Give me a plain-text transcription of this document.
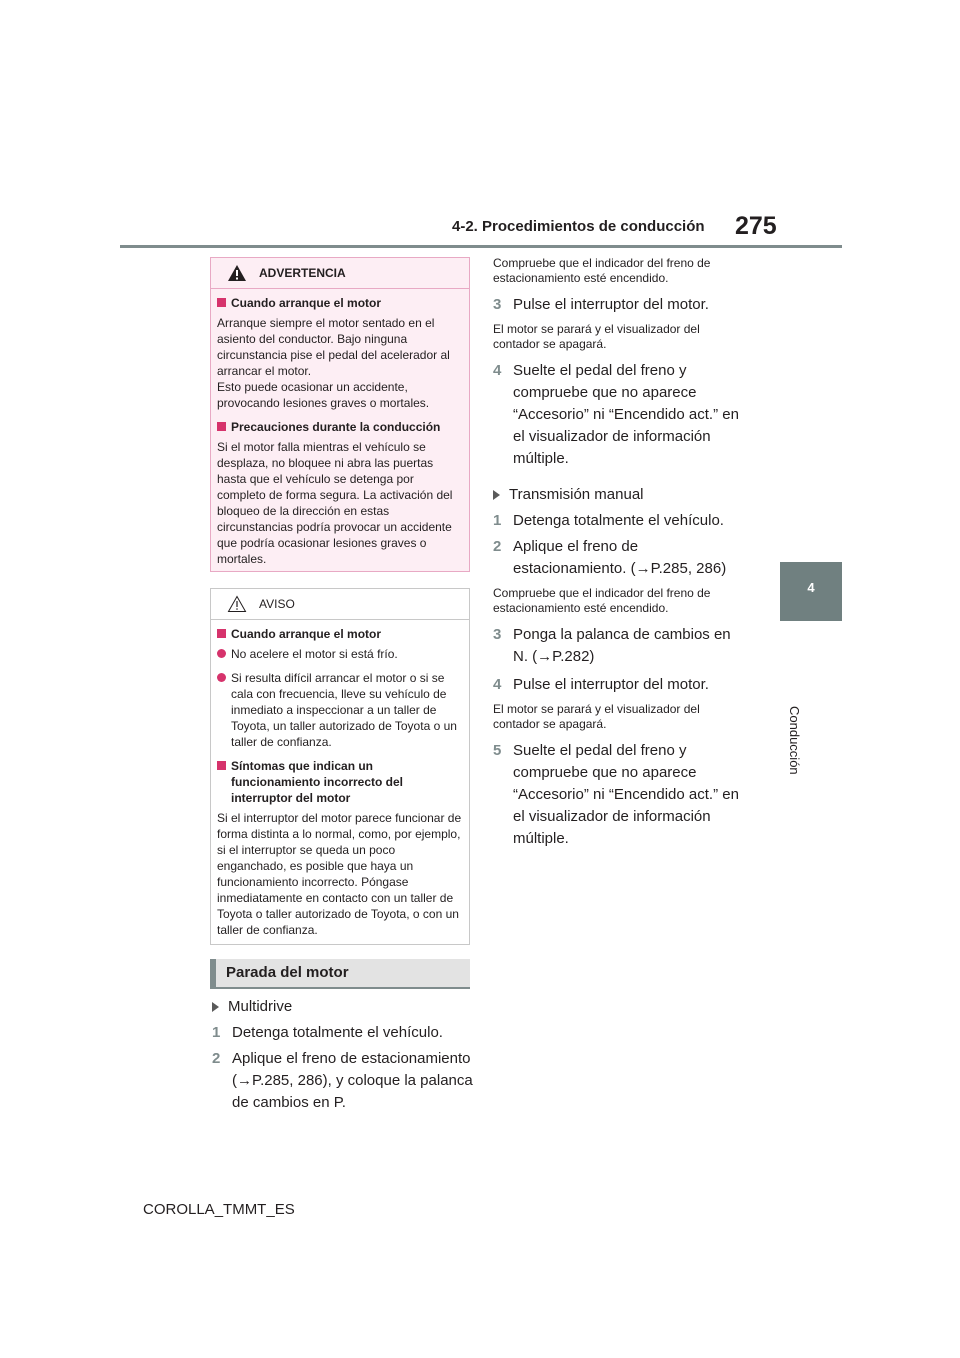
4-2. Procedimientos de conducción 275
4
Conducción
ADVERTENCIA
Cuando arranque el motor
Arranque siempre el motor sentado en el asiento del conductor. Bajo ninguna circunstancia pise el pedal del acelerador al arrancar el motor.
Esto puede ocasionar un accidente, provocando lesiones graves o mortales.
Precauciones durante la conducción
Si el motor falla mientras el vehículo se desplaza, no bloquee ni abra las puertas hasta que el vehículo se detenga por completo de forma segura. La activación del bloqueo de la dirección en estas circunstancias podría provocar un accidente que podría ocasionar lesiones graves o mortales.
AVISO
Cuando arranque el motor
No acelere el motor si está frío.
Si resulta difícil arrancar el motor o si se cala con frecuencia, lleve su vehículo de inmediato a inspeccionar a un taller de Toyota, un taller autorizado de Toyota o un taller de confianza.
Síntomas que indican un funcionamiento incorrecto del interruptor del motor
Si el interruptor del motor parece funcionar de forma distinta a lo normal, como, por ejemplo, si el interruptor se queda un poco enganchado, es posible que haya un funcionamiento incorrecto. Póngase inmediatamente en contacto con un taller de Toyota o taller autorizado de Toyota, o con un taller de confianza.
Parada del motor
Multidrive
1 Detenga totalmente el vehículo.
2 Aplique el freno de estacionamiento (→P.285, 286), y coloque la palanca de cambios en P.
Compruebe que el indicador del freno de estacionamiento esté encendido.
3 Pulse el interruptor del motor.
El motor se parará y el visualizador del contador se apagará.
4 Suelte el pedal del freno y compruebe que no aparece “Accesorio” ni “Encendido act.” en el visualizador de información múltiple.
Transmisión manual
1 Detenga totalmente el vehículo.
2 Aplique el freno de estacionamiento. (→P.285, 286)
Compruebe que el indicador del freno de estacionamiento esté encendido.
3 Ponga la palanca de cambios en N. (→P.282)
4 Pulse el interruptor del motor.
El motor se parará y el visualizador del contador se apagará.
5 Suelte el pedal del freno y compruebe que no aparece “Accesorio” ni “Encendido act.” en el visualizador de información múltiple.
COROLLA_TMMT_ES
